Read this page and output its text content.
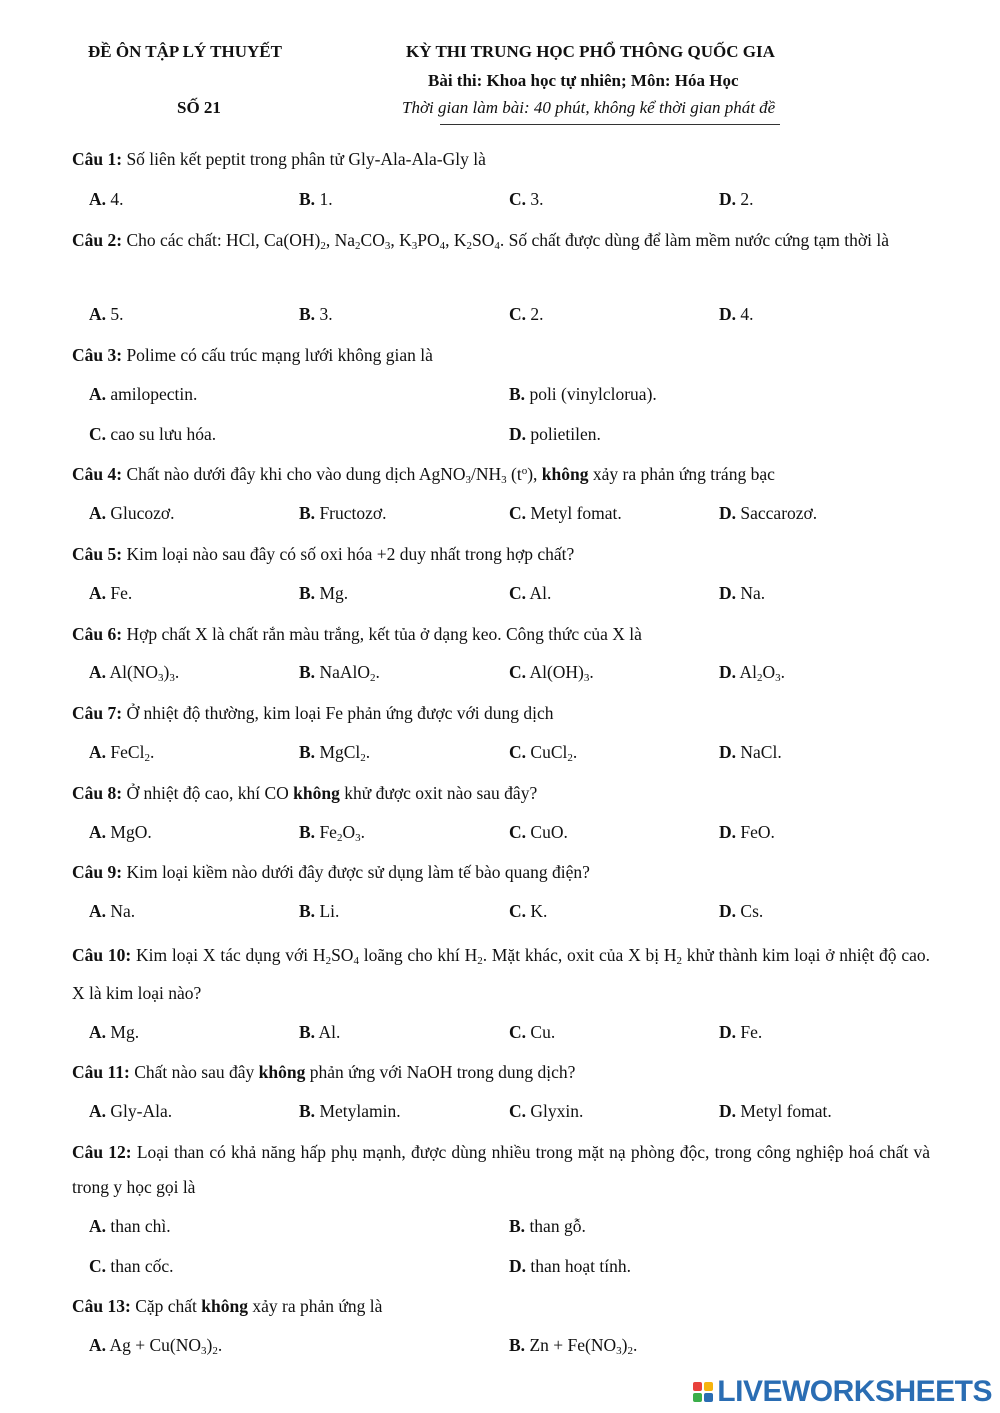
ĐỀ ÔN TẬP LÝ THUYẾT
SỐ 21
KỲ THI TRUNG HỌC PHỔ THÔNG QUỐC GIA
Bài thi: Khoa học tự nhiên; Môn: Hóa Học
Thời gian làm bài: 40 phút, không kể thời gian phát đề
Câu 1: Số liên kết peptit trong phân tử Gly-Ala-Ala-Gly là
A. 4.	B. 1.	C. 3.	D. 2.
Câu 2: Cho các chất: HCl, $Ca(OH)_2$, $Na_2CO_3$, $K_3PO_4$, $K_2SO_4$. Số chất được dùng để làm mềm nước cứng tạm thời là
A. 5.	B. 3.	C. 2.	D. 4.
Câu 3: Polime có cấu trúc mạng lưới không gian là
A. amilopectin.	B. poli (vinylclorua).
C. cao su lưu hóa.	D. polietilen.
Câu 4: Chất nào dưới đây khi cho vào dung dịch $AgNO_3/NH_3$ $(t^o)$, không xảy ra phản ứng tráng bạc
A. Glucozơ.	B. Fructozơ.	C. Metyl fomat.	D. Saccarozơ.
Câu 5: Kim loại nào sau đây có số oxi hóa +2 duy nhất trong hợp chất?
A. Fe.	B. Mg.	C. Al.	D. Na.
Câu 6: Hợp chất X là chất rắn màu trắng, kết tủa ở dạng keo. Công thức của X là
A. $Al(NO_3)_3$.	B. NaAlO$_2$.	C. $Al(OH)_3$.	D. $Al_2O_3$.
Câu 7: Ở nhiệt độ thường, kim loại Fe phản ứng được với dung dịch
A. FeCl$_2$.	B. MgCl$_2$.	C. CuCl$_2$.	D. NaCl.
Câu 8: Ở nhiệt độ cao, khí CO không khử được oxit nào sau đây?
A. MgO.	B. $Fe_2O_3$.	C. CuO.	D. FeO.
Câu 9: Kim loại kiềm nào dưới đây được sử dụng làm tế bào quang điện?
A. Na.	B. Li.	C. K.	D. Cs.
Câu 10: Kim loại X tác dụng với $H_2SO_4$ loãng cho khí $H_2$. Mặt khác, oxit của X bị $H_2$ khử thành kim loại ở nhiệt độ cao. X là kim loại nào?
A. Mg.	B. Al.	C. Cu.	D. Fe.
Câu 11: Chất nào sau đây không phản ứng với NaOH trong dung dịch?
A. Gly-Ala.	B. Metylamin.	C. Glyxin.	D. Metyl fomat.
Câu 12: Loại than có khả năng hấp phụ mạnh, được dùng nhiều trong mặt nạ phòng độc, trong công nghiệp hoá chất và trong y học gọi là
A. than chì.	B. than gỗ.
C. than cốc.	D. than hoạt tính.
Câu 13: Cặp chất không xảy ra phản ứng là
A. $Ag + Cu(NO_3)_2$.	B. $Zn + Fe(NO_3)_2$.
LIVEWORKSHEETS
